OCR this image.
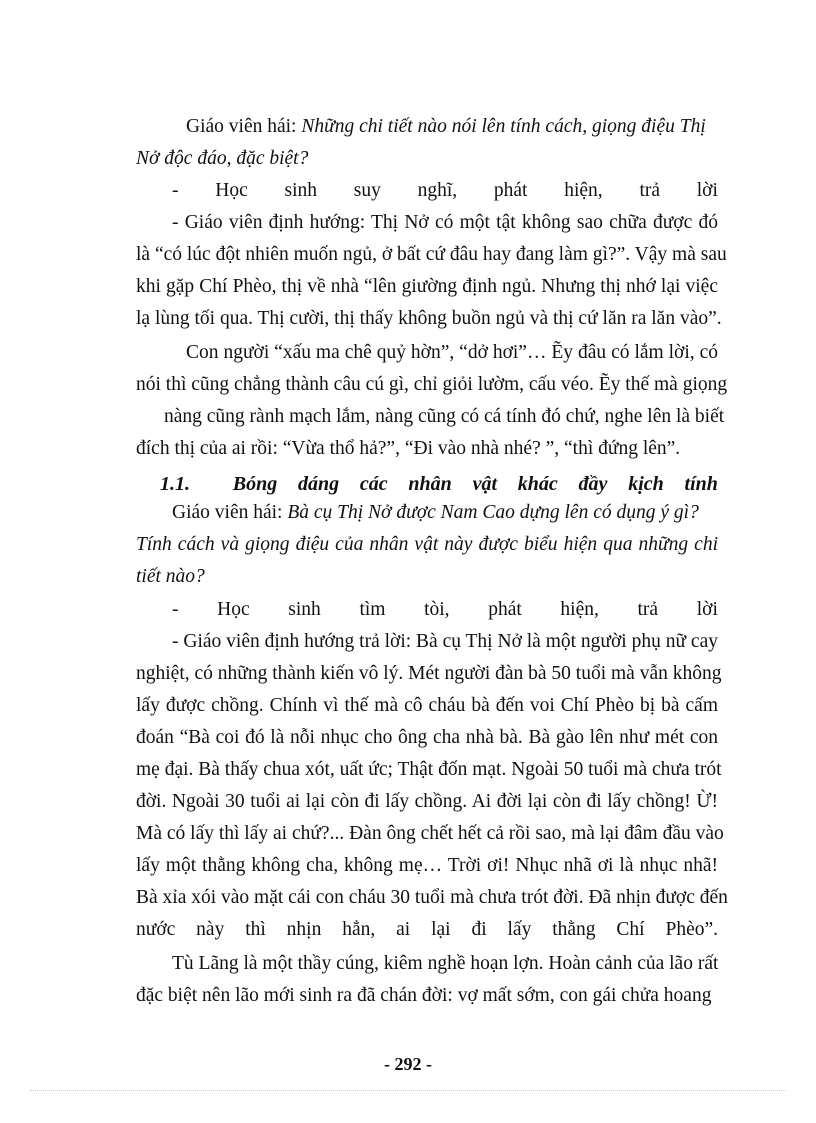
Giáo viên hái: Những chi tiết nào nói lên tính cách, giọng điệu Thị
Nở độc đáo, đặc biệt?
- Học sinh suy nghĩ, phát hiện, trả lời
- Giáo viên định hướng: Thị Nở có một tật không sao chữa được đó
là “có lúc đột nhiên muốn ngủ, ở bất cứ đâu hay đang làm gì?”. Vậy mà sau
khi gặp Chí Phèo, thị về nhà “lên giường định ngủ. Nhưng thị nhớ lại việc
lạ lùng tối qua. Thị cười, thị thấy không buồn ngủ và thị cứ lăn ra lăn vào”.
Con người “xấu ma chê quỷ hờn”, “dở hơi”… Ẽy đâu có lắm lời, có
nói thì cũng chẳng thành câu cú gì, chỉ giỏi lườm, cấu véo. Ẽy thế mà giọng
nàng cũng rành mạch lắm, nàng cũng có cá tính đó chứ, nghe lên là biết
đích thị của ai rồi: “Vừa thổ hả?”, “Đi vào nhà nhé? ”, “thì đứng lên”.
1.1. Bóng dáng các nhân vật khác đầy kịch tính
Giáo viên hái: Bà cụ Thị Nở được Nam Cao dựng lên có dụng ý gì?
Tính cách và giọng điệu của nhân vật này được biểu hiện qua những chi
tiết nào?
- Học sinh tìm tòi, phát hiện, trả lời
- Giáo viên định hướng trả lời: Bà cụ Thị Nở là một người phụ nữ cay
nghiệt, có những thành kiến vô lý. Mét người đàn bà 50 tuổi mà vẫn không
lấy được chồng. Chính vì thế mà cô cháu bà đến voi Chí Phèo bị bà cấm
đoán “Bà coi đó là nỗi nhục cho ông cha nhà bà. Bà gào lên như mét con
mẹ đại. Bà thấy chua xót, uất ức; Thật đốn mạt. Ngoài 50 tuổi mà chưa trót
đời. Ngoài 30 tuổi ai lại còn đi lấy chồng. Ai đời lại còn đi lấy chồng! Ừ!
Mà có lấy thì lấy ai chứ?... Đàn ông chết hết cả rồi sao, mà lại đâm đầu vào
lấy một thằng không cha, không mẹ… Trời ơi! Nhục nhã ơi là nhục nhã!
Bà xỉa xói vào mặt cái con cháu 30 tuổi mà chưa trót đời. Đã nhịn được đến
nước này thì nhịn hẳn, ai lại đi lấy thằng Chí Phèo”.
Tù Lãng là một thầy cúng, kiêm nghề hoạn lợn. Hoàn cảnh của lão rất
đặc biệt nên lão mới sinh ra đã chán đời: vợ mất sớm, con gái chửa hoang
- 292 -
